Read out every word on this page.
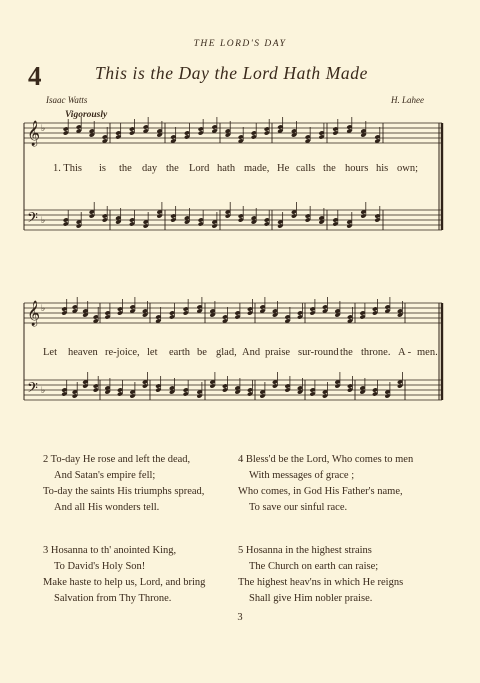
THE LORD'S DAY
4	This is the Day the Lord Hath Made
Isaac Watts	H. Lahee
Vigorously
𝄞
𝄢
♭
♭
𝄞
𝄢
♭
♭
1. This is the day the Lord hath made, He calls the hours his own;
Let heaven re-joice, let earth be glad, And praise sur-round the throne. A - men.
2 To-day He rose and left the dead,
And Satan's empire fell;
To-day the saints His triumphs spread,
And all His wonders tell.
3 Hosanna to th' anointed King,
To David's Holy Son!
Make haste to help us, Lord, and bring
Salvation from Thy Throne.
4 Bless'd be the Lord, Who comes to men
With messages of grace ;
Who comes, in God His Father's name,
To save our sinful race.
5 Hosanna in the highest strains
The Church on earth can raise;
The highest heav'ns in which He reigns
Shall give Him nobler praise.
3
